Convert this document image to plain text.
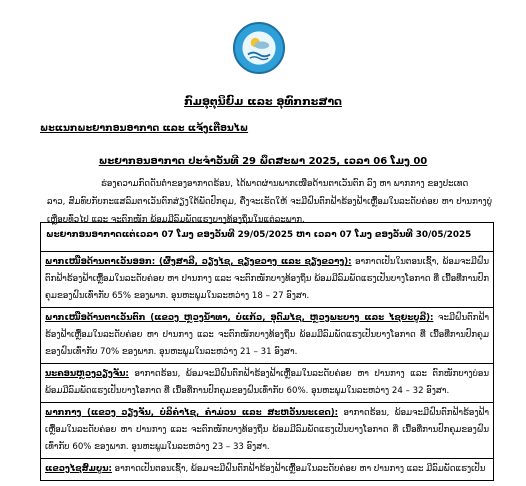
ກົມອຸຕຸນິຍົມ ແລະ ອຸທົກກະສາດ
ພະແນກພະຍາກອນອາກາດ ແລະ ແຈ້ງເຕືອນໄພ
ພະຍາກອນອາກາດ ປະຈຳວັນທີ 29 ພຶດສະພາ 2025, ເວລາ 06 ໂມງ 00
ຮ່ອງຄວາມກົດດັນຕ່ຳຂອງອາກາດຮ້ອນ, ໄດ້ພາດຜ່ານພາກເໜືອດ້ານຕາເວັນຕົກ ລົງ ຫາ ພາກກາງ ຂອງປະເທດ
ລາວ, ສົມທົບກັບກະແສລົມຕາເວັນຕົກສ່ຽງໃຕ້ພັດປົກຄຸມ, ຄື່ງຈະເຮັດໃຫ້ ຈະມີຝົນຕົກຟ້າຮ້ອງຟ້າເຫຼື້ອມໃນລະດັບຄ່ອຍ ຫາ ປານກາງບູ່ເຫຼືອບທົ່ວໄປ ແລະ ຈະຕົກໜັກ ພ້ອມມີລົມພັດແຮງບາງທ້ອງຖິ່ນໃນແຕ່ລະພາກ.
ພະຍາກອນອາກາດແຕ່ເວລາ 07 ໂມງ ຂອງວັນທີ 29/05/2025 ຫາ ເວລາ 07 ໂມງ ຂອງວັນທີ 30/05/2025
ພາກເໜືອດ້ານຕາເວັນອອກ: (ຜົ້ງສາລີ, ວຽງໄຊ, ຊຽງຂວາງ ແລະ ຊຽງຂວາງ): ອາກາດເປັນໃນຕອນເຊົ້າ, ພ້ອມຈະມີຝົນຕົກຟ້າຮ້ອງຟ້າເຫຼື້ອມໃນລະດັບຄ່ອຍ ຫາ ປານກາງ ແລະ ຈະຕົກໜັກບາງທ້ອງຖິ່ນ ພ້ອມມີລົມພັດແຮງເປັນບາງໂອກາດ ທີ່ ເນື້ອທີ່ການປົກຄຸມຂອງຝົນເທົ່າກັບ 65% ຂອງພາກ. ອຸນຫະພູມໃນລະຫວ່າງ 18 – 27 ອົງສາ.
ພາກເໜືອດ້ານຕາເວັນຕົກ (ແຂວງ ຫຼວງນ້ຳທາ, ບໍ່ແກ້ວ, ອຸດົມໄຊ, ຫຼວງພະບາງ ແລະ ໄຊຍະບູລີ): ຈະມີຝົນຕົກຟ້າຮ້ອງຟ້າເຫຼື້ອມໃນລະດັບຄ່ອຍ ຫາ ປານກາງ ແລະ ຈະຕົກໜັກບາງທ້ອງຖິ່ນ ພ້ອມມີລົມພັດແຮງເປັນບາງໂອກາດ ທີ່ ເນື້ອທີ່ການປົກຄຸມຂອງຝົນເທົ່າກັບ 70% ຂອງພາກ. ອຸນຫະພູມໃນລະຫວ່າງ 21 – 31 ອົງສາ.
ນະຄອນຫຼວງວຽງຈັນ: ອາກາດຮ້ອນ, ພ້ອມຈະມີຝົນຕົກຟ້າຮ້ອງຟ້າເຫຼື້ອມໃນລະດັບຄ່ອຍ ຫາ ປານກາງ ແລະ ຕົກໜັກບາງບ່ອນພ້ອມມີລົມພັດແຮງເປັນບາງໂອກາດ ທີ່ ເນື້ອທີ່ການປົກຄຸມຂອງຝົນເທົ່າກັບ 60%. ອຸນຫະພູມໃນລະຫວ່າງ 24 – 32 ອົງສາ.
ພາກກາງ (ແຂວງ ວຽງຈັນ, ບໍລິຄຳໄຊ, ຄຳມ່ວນ ແລະ ສະຫວັນນະເຂດ): ອາກາດຮ້ອນ, ພ້ອມຈະມີຝົນຕົກຟ້າຮ້ອງຟ້າເຫຼື້ອມໃນລະດັບຄ່ອຍ ຫາ ປານກາງ ແລະ ຈະຕົກໜັກບາງທ້ອງຖິ່ນ ພ້ອມມີລົມພັດແຮງເປັນບາງໂອກາດ ທີ່ ເນື້ອທີ່ການປົກຄຸມຂອງຝົນເທົ່າກັບ 60% ຂອງພາກ. ອຸນຫະພູມໃນລະຫວ່າງ 23 – 33 ອົງສາ.
ແຂວງໄຊສົມບູນ: ອາກາດເປັນຕອນເຊົ້າ, ພ້ອມຈະມີຝົນຕົກຟ້າຮ້ອງຟ້າເຫຼື້ອມໃນລະດັບຄ່ອຍ ຫາ ປານກາງ ແລະ ມີລົມພັດແຮງເປັນ
